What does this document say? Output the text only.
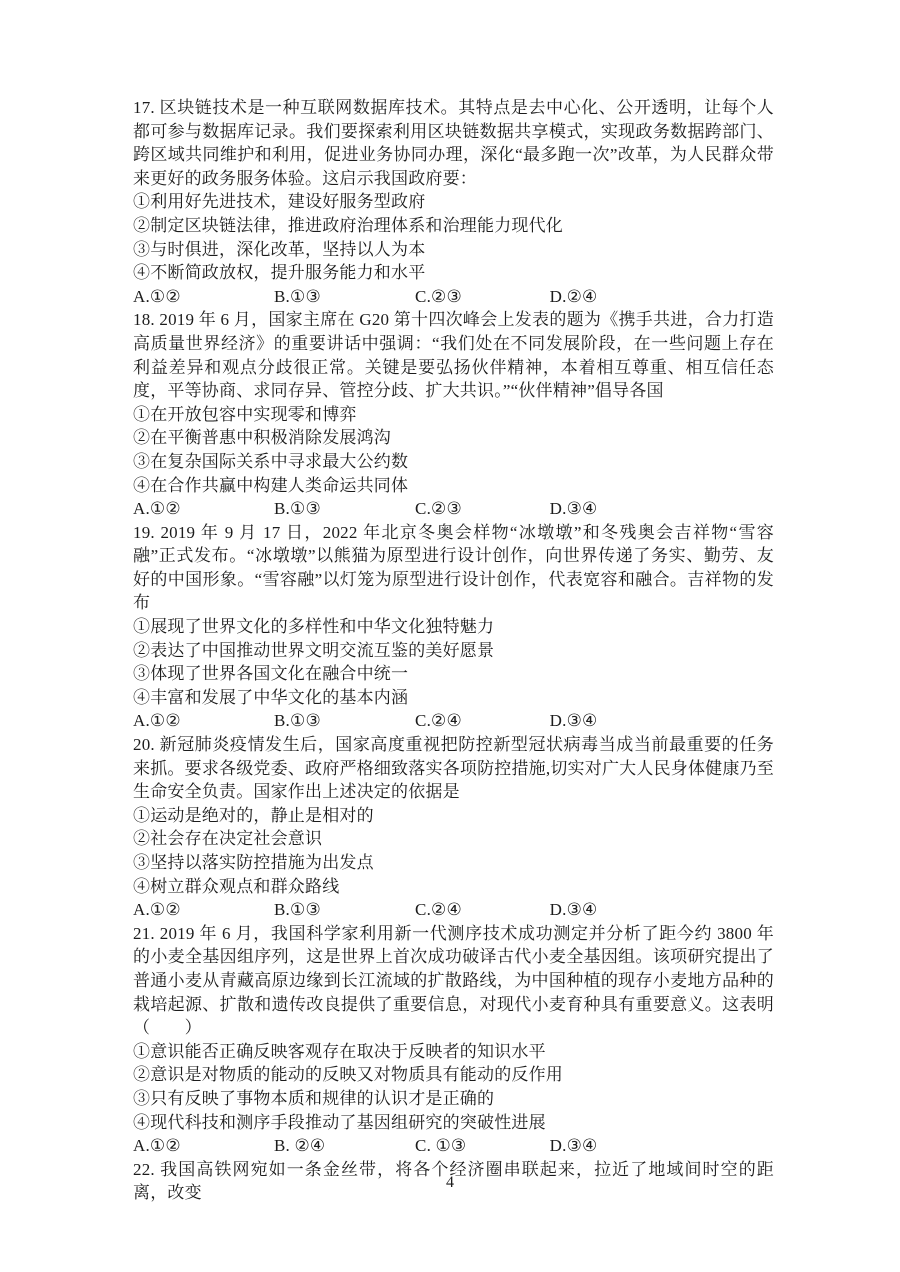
17. 区块链技术是一种互联网数据库技术。其特点是去中心化、公开透明，让每个人都可参与数据库记录。我们要探索利用区块链数据共享模式，实现政务数据跨部门、跨区域共同维护和利用，促进业务协同办理，深化“最多跑一次”改革，为人民群众带来更好的政务服务体验。这启示我国政府要：

①利用好先进技术，建设好服务型政府

②制定区块链法律，推进政府治理体系和治理能力现代化

③与时俱进，深化改革，坚持以人为本

④不断简政放权，提升服务能力和水平

A.①②	B.①③	C.②③	D.②④

18. 2019 年 6 月，国家主席在 G20 第十四次峰会上发表的题为《携手共进，合力打造高质量世界经济》的重要讲话中强调：“我们处在不同发展阶段，在一些问题上存在利益差异和观点分歧很正常。关键是要弘扬伙伴精神，本着相互尊重、相互信任态度，平等协商、求同存异、管控分歧、扩大共识。”“伙伴精神”倡导各国

①在开放包容中实现零和博弈

②在平衡普惠中积极消除发展鸿沟

③在复杂国际关系中寻求最大公约数

④在合作共赢中构建人类命运共同体

A.①②	B.①③	C.②③	D.③④

19. 2019 年 9 月 17 日，2022 年北京冬奥会样物“冰墩墩”和冬残奥会吉祥物“雪容融”正式发布。“冰墩墩”以熊猫为原型进行设计创作，向世界传递了务实、勤劳、友好的中国形象。“雪容融”以灯笼为原型进行设计创作，代表宽容和融合。吉祥物的发布

①展现了世界文化的多样性和中华文化独特魅力

②表达了中国推动世界文明交流互鉴的美好愿景

③体现了世界各国文化在融合中统一

④丰富和发展了中华文化的基本内涵

A.①②	B.①③	C.②④	D.③④

20. 新冠肺炎疫情发生后，国家高度重视把防控新型冠状病毒当成当前最重要的任务来抓。要求各级党委、政府严格细致落实各项防控措施,切实对广大人民身体健康乃至生命安全负责。国家作出上述决定的依据是

①运动是绝对的，静止是相对的

②社会存在决定社会意识

③坚持以落实防控措施为出发点

④树立群众观点和群众路线

A.①②	B.①③	C.②④	D.③④

21. 2019 年 6 月，我国科学家利用新一代测序技术成功测定并分析了距今约 3800 年的小麦全基因组序列，这是世界上首次成功破译古代小麦全基因组。该项研究提出了普通小麦从青藏高原边缘到长江流域的扩散路线，为中国种植的现存小麦地方品种的栽培起源、扩散和遗传改良提供了重要信息，对现代小麦育种具有重要意义。这表明（　　）

①意识能否正确反映客观存在取决于反映者的知识水平

②意识是对物质的能动的反映又对物质具有能动的反作用

③只有反映了事物本质和规律的认识才是正确的

④现代科技和测序手段推动了基因组研究的突破性进展

A.①②	B. ②④	C. ①③	D.③④

22. 我国高铁网宛如一条金丝带，将各个经济圈串联起来，拉近了地域间时空的距离，改变

4
